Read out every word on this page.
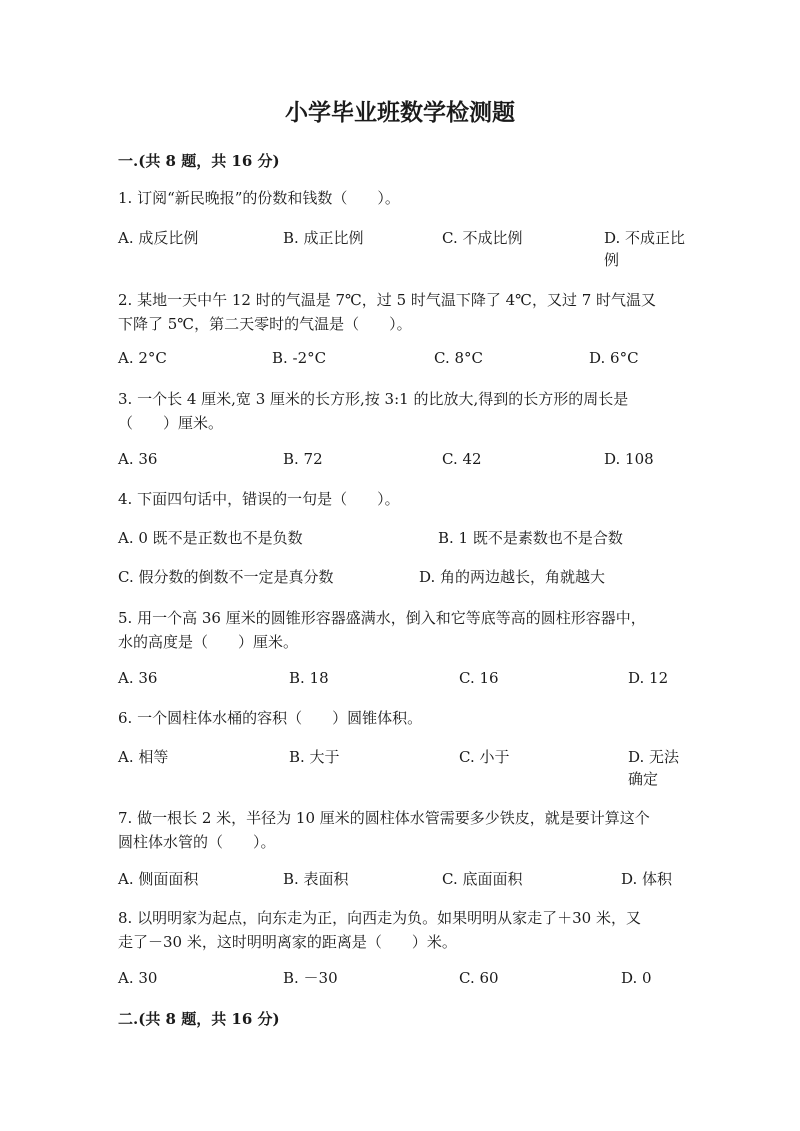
小学毕业班数学检测题
一.(共 8 题，共 16 分)
1. 订阅“新民晚报”的份数和钱数（　　）。
A. 成反比例	B. 成正比例	C. 不成比例	D. 不成正比例
2. 某地一天中午 12 时的气温是 7℃，过 5 时气温下降了 4℃，又过 7 时气温又
下降了 5℃，第二天零时的气温是（　　）。
A. 2°C	B. -2°C	C. 8°C	D. 6°C
3. 一个长 4 厘米,宽 3 厘米的长方形,按 3:1 的比放大,得到的长方形的周长是
（　　）厘米。
A. 36	B. 72	C. 42	D. 108
4. 下面四句话中，错误的一句是（　　）。
A. 0 既不是正数也不是负数	B. 1 既不是素数也不是合数
C. 假分数的倒数不一定是真分数	D. 角的两边越长，角就越大
5. 用一个高 36 厘米的圆锥形容器盛满水，倒入和它等底等高的圆柱形容器中，
水的高度是（　　）厘米。
A. 36	B. 18	C. 16	D. 12
6. 一个圆柱体水桶的容积（　　）圆锥体积。
A. 相等	B. 大于	C. 小于	D. 无法确定
7. 做一根长 2 米，半径为 10 厘米的圆柱体水管需要多少铁皮，就是要计算这个
圆柱体水管的（　　）。
A. 侧面面积	B. 表面积	C. 底面面积	D. 体积
8. 以明明家为起点，向东走为正，向西走为负。如果明明从家走了＋30 米，又
走了－30 米，这时明明离家的距离是（　　）米。
A. 30	B. －30	C. 60	D. 0
二.(共 8 题，共 16 分)
